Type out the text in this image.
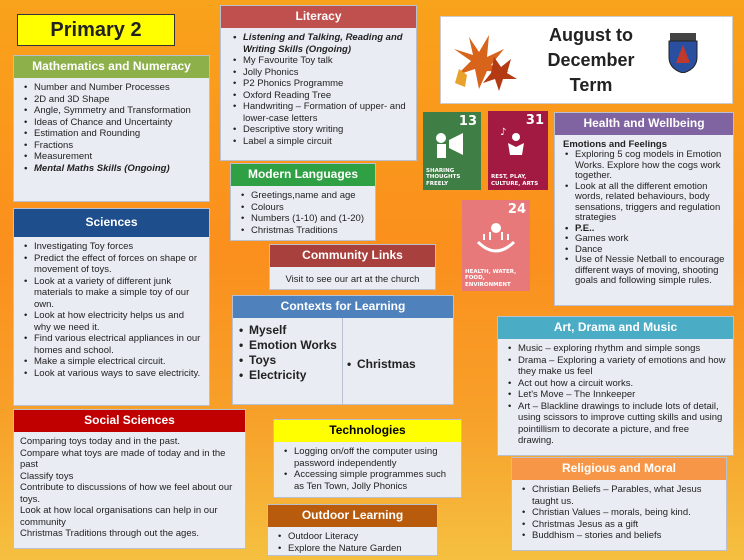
Primary 2	August to
December
Term
Mathematics and Numeracy
• Number and Number Processes
• 2D and 3D Shape
• Angle, Symmetry and Transformation
• Ideas of Chance and Uncertainty
• Estimation and Rounding
• Fractions
• Measurement
• Mental Maths Skills (Ongoing)
Literacy
• Listening and Talking, Reading and Writing Skills (Ongoing)
• My Favourite Toy talk
• Jolly Phonics
• P2 Phonics Programme
• Oxford Reading Tree
• Handwriting – Formation of upper- and lower-case letters
• Descriptive story writing
• Label a simple circuit
Modern Languages
• Greetings,name and age
• Colours
• Numbers (1-10) and (1-20)
• Christmas Traditions
Sciences
• Investigating Toy forces
• Predict the effect of forces on shape or movement of toys.
• Look at a variety of different junk materials to make a simple toy of our own.
• Look at how electricity helps us and why we need it.
• Find various electrical appliances in our homes and school.
• Make a simple electrical circuit.
• Look at various ways to save electricity.
Community Links
Visit to see our art at the church
Contexts for Learning
• Myself
• Emotion Works
• Toys
• Electricity
• Christmas
13
SHARING THOUGHTS FREELY
31
♪
REST, PLAY, CULTURE, ARTS
24
HEALTH, WATER, FOOD, ENVIRONMENT
Health and Wellbeing
Emotions and Feelings
• Exploring 5 cog models in Emotion Works. Explore how the cogs work together.
• Look at all the different emotion words, related behaviours, body sensations, triggers and regulation strategies
• P.E..
• Games work
• Dance
• Use of Nessie Netball to encourage different ways of moving, shooting goals and following simple rules.
Art, Drama and Music
• Music – exploring rhythm and simple songs
• Drama – Exploring a variety of emotions and how they make us feel
• Act out how a circuit works.
• Let's Move – The Innkeeper
• Art – Blackline drawings to include lots of detail, using scissors to improve cutting skills and using pointillism to decorate a picture, and free drawing.
Social Sciences
Comparing toys today and in the past.
Compare what toys are made of today and in the past
Classify toys
Contribute to discussions of how we feel about our toys.
Look at how local organisations can help in our community
Christmas Traditions through out the ages.
Technologies
• Logging on/off the computer using password independently
• Accessing simple programmes such as Ten Town, Jolly Phonics
Religious and Moral
• Christian Beliefs – Parables, what Jesus taught us.
• Christian Values – morals, being kind.
• Christmas Jesus as a gift
• Buddhism – stories and beliefs
Outdoor Learning
• Outdoor Literacy
• Explore the Nature Garden
